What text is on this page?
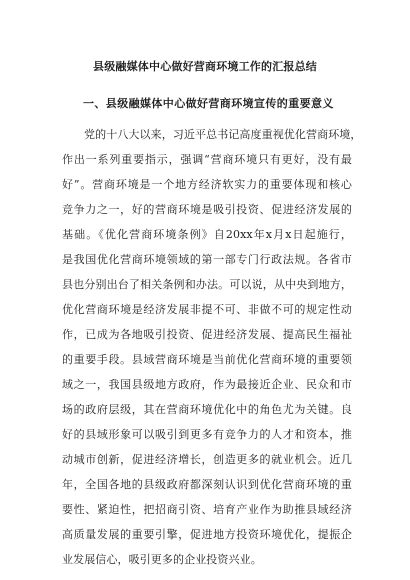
县级融媒体中心做好营商环境工作的汇报总结
一、县级融媒体中心做好营商环境宣传的重要意义
党的十八大以来，习近平总书记高度重视优化营商环境，
作出一系列重要指示，强调“营商环境只有更好，没有最
好”。营商环境是一个地方经济软实力的重要体现和核心
竞争力之一，好的营商环境是吸引投资、促进经济发展的
基础。《优化营商环境条例》自20xx年x月x日起施行，
是我国优化营商环境领域的第一部专门行政法规。各省市
县也分别出台了相关条例和办法。可以说，从中央到地方，
优化营商环境是经济发展非提不可、非做不可的规定性动
作，已成为各地吸引投资、促进经济发展、提高民生福祉
的重要手段。县域营商环境是当前优化营商环境的重要领
域之一，我国县级地方政府，作为最接近企业、民众和市
场的政府层级，其在营商环境优化中的角色尤为关键。良
好的县域形象可以吸引到更多有竞争力的人才和资本，推
动城市创新，促进经济增长，创造更多的就业机会。近几
年，全国各地的县级政府都深刻认识到优化营商环境的重
要性、紧迫性，把招商引资、培育产业作为助推县域经济
高质量发展的重要引擎，促进地方投资环境优化，提振企
业发展信心，吸引更多的企业投资兴业。
